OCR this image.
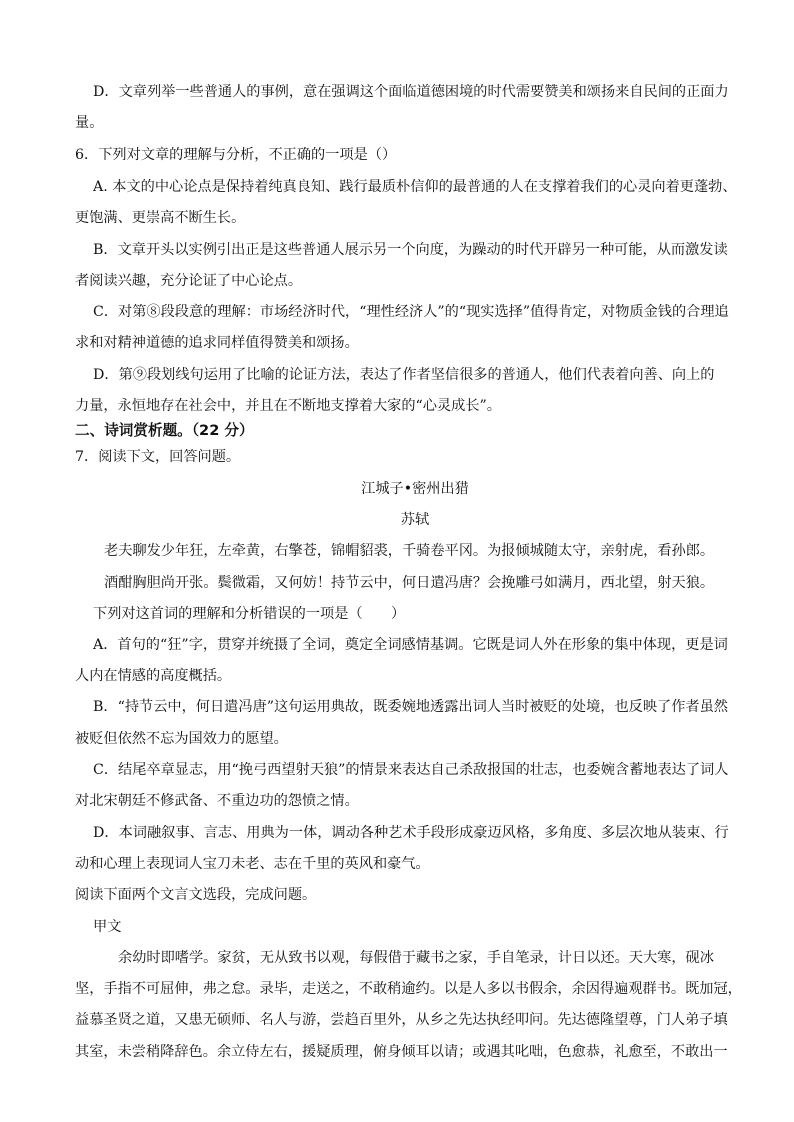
D．文章列举一些普通人的事例，意在强调这个面临道德困境的时代需要赞美和颂扬来自民间的正面力
量。
6．下列对文章的理解与分析，不正确的一项是（）
A. 本文的中心论点是保持着纯真良知、践行最质朴信仰的最普通的人在支撑着我们的心灵向着更蓬勃、
更饱满、更崇高不断生长。
B．文章开头以实例引出正是这些普通人展示另一个向度，为躁动的时代开辟另一种可能，从而激发读
者阅读兴趣，充分论证了中心论点。
C．对第⑧段段意的理解：市场经济时代，“理性经济人”的“现实选择”值得肯定，对物质金钱的合理追
求和对精神道德的追求同样值得赞美和颂扬。
D．第⑨段划线句运用了比喻的论证方法，表达了作者坚信很多的普通人，他们代表着向善、向上的
力量，永恒地存在社会中，并且在不断地支撑着大家的“心灵成长”。
二、诗词赏析题。（22 分）
7．阅读下文，回答问题。
江城子•密州出猎
苏轼
老夫聊发少年狂，左牵黄，右擎苍，锦帽貂裘，千骑卷平冈。为报倾城随太守，亲射虎，看孙郎。
酒酣胸胆尚开张。鬓微霜，又何妨！持节云中，何日遣冯唐？会挽雕弓如满月，西北望，射天狼。
下列对这首词的理解和分析错误的一项是（　　）
A．首句的“狂”字，贯穿并统摄了全词，奠定全词感情基调。它既是词人外在形象的集中体现，更是词
人内在情感的高度概括。
B．“持节云中，何日遣冯唐”这句运用典故，既委婉地透露出词人当时被贬的处境，也反映了作者虽然
被贬但依然不忘为国效力的愿望。
C．结尾卒章显志，用“挽弓西望射天狼”的情景来表达自己杀敌报国的壮志，也委婉含蓄地表达了词人
对北宋朝廷不修武备、不重边功的怨愤之情。
D．本词融叙事、言志、用典为一体，调动各种艺术手段形成豪迈风格，多角度、多层次地从装束、行
动和心理上表现词人宝刀未老、志在千里的英风和豪气。
阅读下面两个文言文选段，完成问题。
甲文
余幼时即嗜学。家贫，无从致书以观，每假借于藏书之家，手自笔录，计日以还。天大寒，砚冰
坚，手指不可屈伸，弗之怠。录毕，走送之，不敢稍逾约。以是人多以书假余，余因得遍观群书。既加冠，
益慕圣贤之道，又患无硕师、名人与游，尝趋百里外，从乡之先达执经叩问。先达德隆望尊，门人弟子填
其室，未尝稍降辞色。余立侍左右，援疑质理，俯身倾耳以请；或遇其叱咄，色愈恭，礼愈至，不敢出一
